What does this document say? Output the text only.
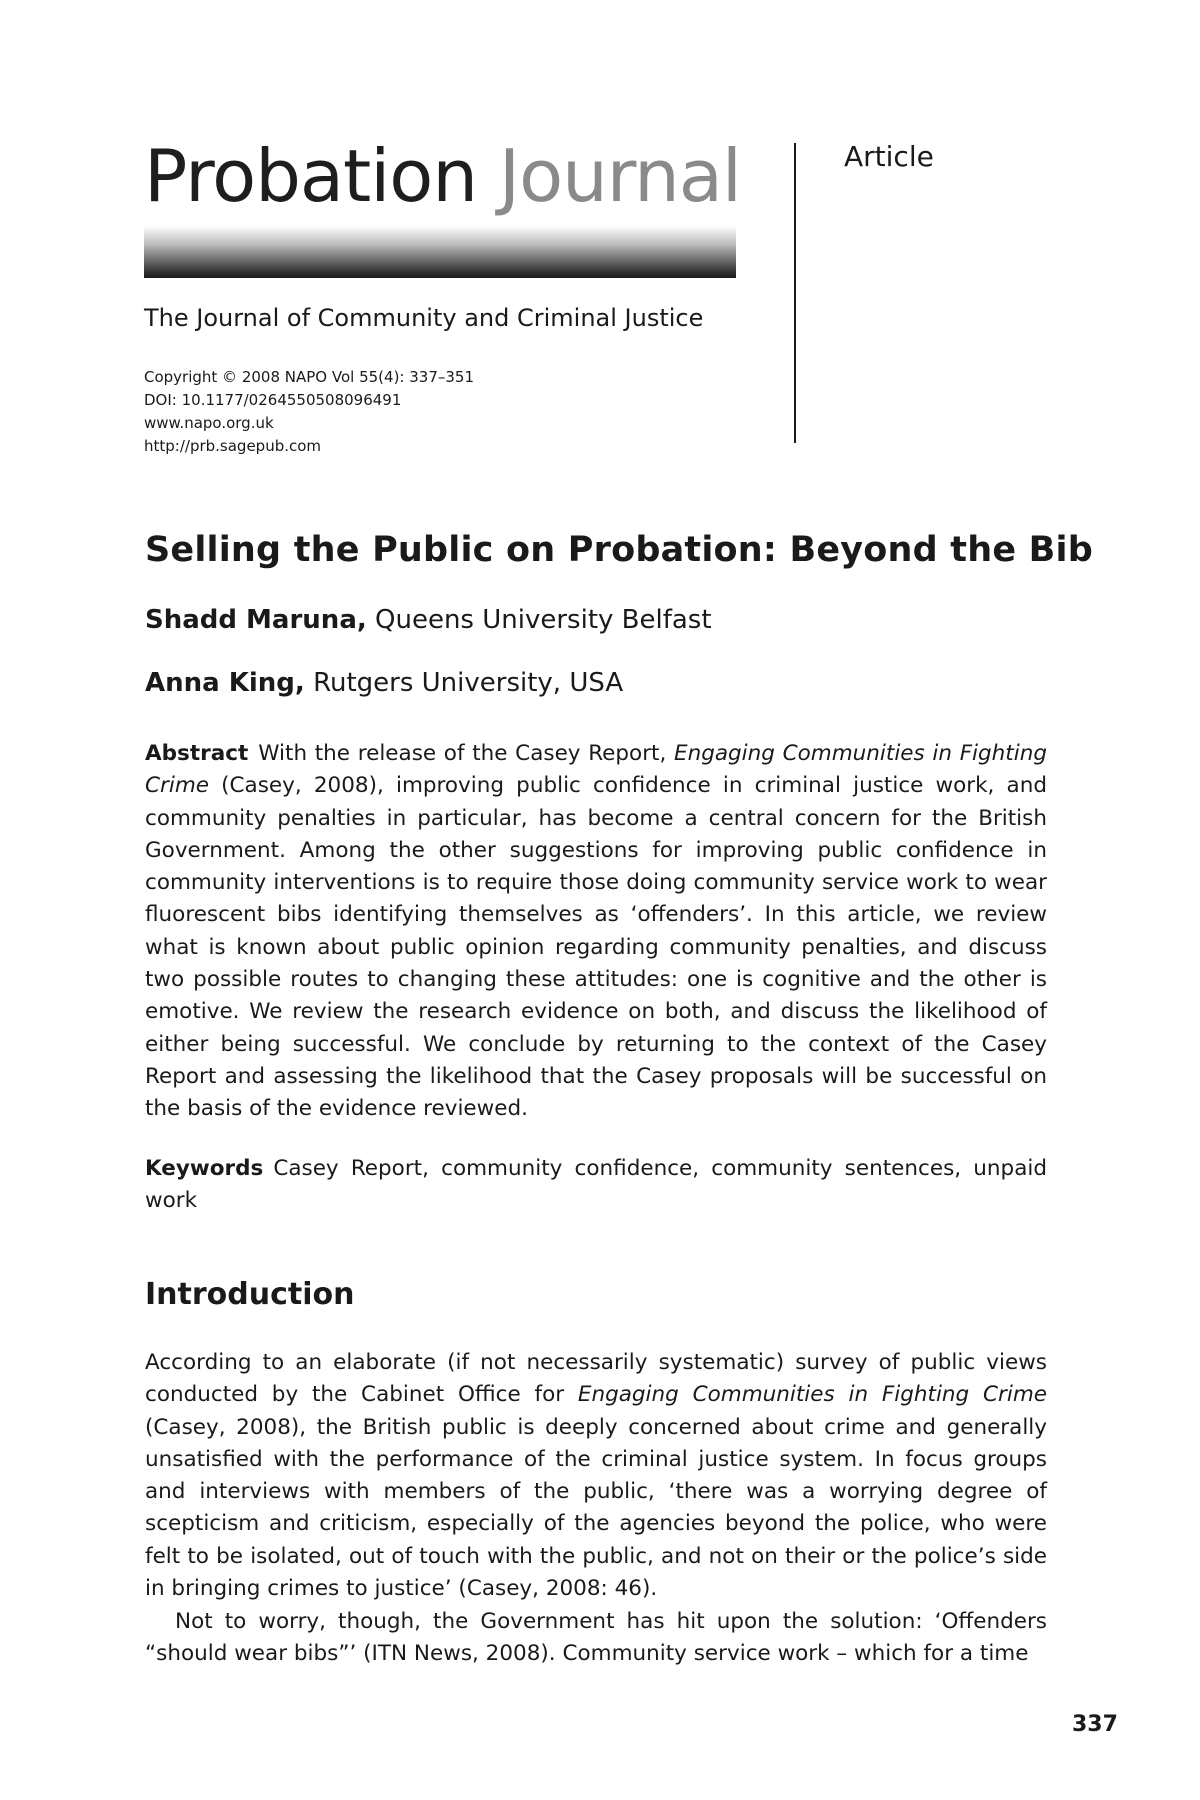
Probation Journal
The Journal of Community and Criminal Justice
Copyright © 2008 NAPO Vol 55(4): 337–351
DOI: 10.1177/0264550508096491
www.napo.org.uk
http://prb.sagepub.com
Article
Selling the Public on Probation: Beyond the Bib
Shadd Maruna, Queens University Belfast
Anna King, Rutgers University, USA
Abstract With the release of the Casey Report, Engaging Communities in Fighting Crime (Casey, 2008), improving public confidence in criminal justice work, and community penalties in particular, has become a central concern for the British Government. Among the other suggestions for improving public confidence in community interventions is to require those doing community service work to wear fluorescent bibs identifying themselves as ‘offenders’. In this article, we review what is known about public opinion regarding community penalties, and discuss two possible routes to changing these attitudes: one is cognitive and the other is emotive. We review the research evidence on both, and discuss the likelihood of either being successful. We conclude by returning to the context of the Casey Report and assessing the likelihood that the Casey proposals will be successful on the basis of the evidence reviewed.
Keywords Casey Report, community confidence, community sentences, unpaid work
Introduction
According to an elaborate (if not necessarily systematic) survey of public views conducted by the Cabinet Office for Engaging Communities in Fighting Crime (Casey, 2008), the British public is deeply concerned about crime and generally unsatisfied with the performance of the criminal justice system. In focus groups and interviews with members of the public, ‘there was a worrying degree of scepticism and criticism, especially of the agencies beyond the police, who were felt to be isolated, out of touch with the public, and not on their or the police’s side in bringing crimes to justice’ (Casey, 2008: 46).
Not to worry, though, the Government has hit upon the solution: ‘Offenders “should wear bibs”’ (ITN News, 2008). Community service work – which for a time
337
